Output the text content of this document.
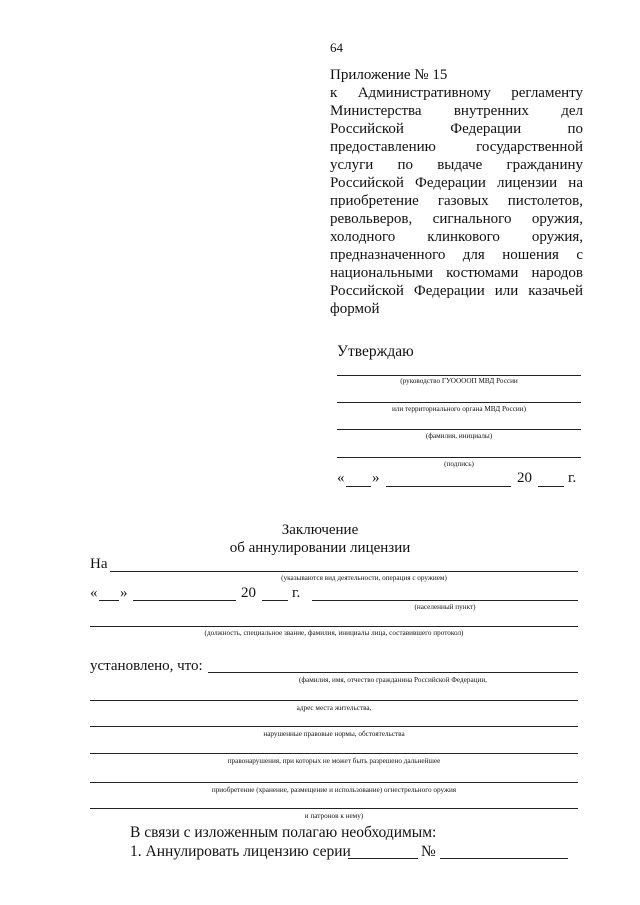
64
Приложение № 15
к Административному регламенту
Министерства внутренних дел
Российской Федерации по
предоставлению государственной
услуги по выдаче гражданину
Российской Федерации лицензии на
приобретение газовых пистолетов,
револьверов, сигнального оружия,
холодного клинкового оружия,
предназначенного для ношения с
национальными костюмами народов
Российской Федерации или казачьей
формой
Утверждаю
(руководство ГУООООП МВД России
или территориального органа МВД России)
(фамилия, инициалы)
(подпись)
« »	20 г.
Заключение
об аннулировании лицензии
На
(указываются вид деятельности, операция с оружием)
« »	20 г.
(населенный пункт)
(должность, специальное звание, фамилия, инициалы лица, составившего протокол)
установлено, что:
(фамилия, имя, отчество гражданина Российской Федерации,
адрес места жительства,
нарушенные правовые нормы, обстоятельства
правонарушения, при которых не может быть разрешено дальнейшее
приобретение (хранение, размещение и использование) огнестрельного оружия
и патронов к нему)
В связи с изложенным полагаю необходимым:
1. Аннулировать лицензию серии	№
